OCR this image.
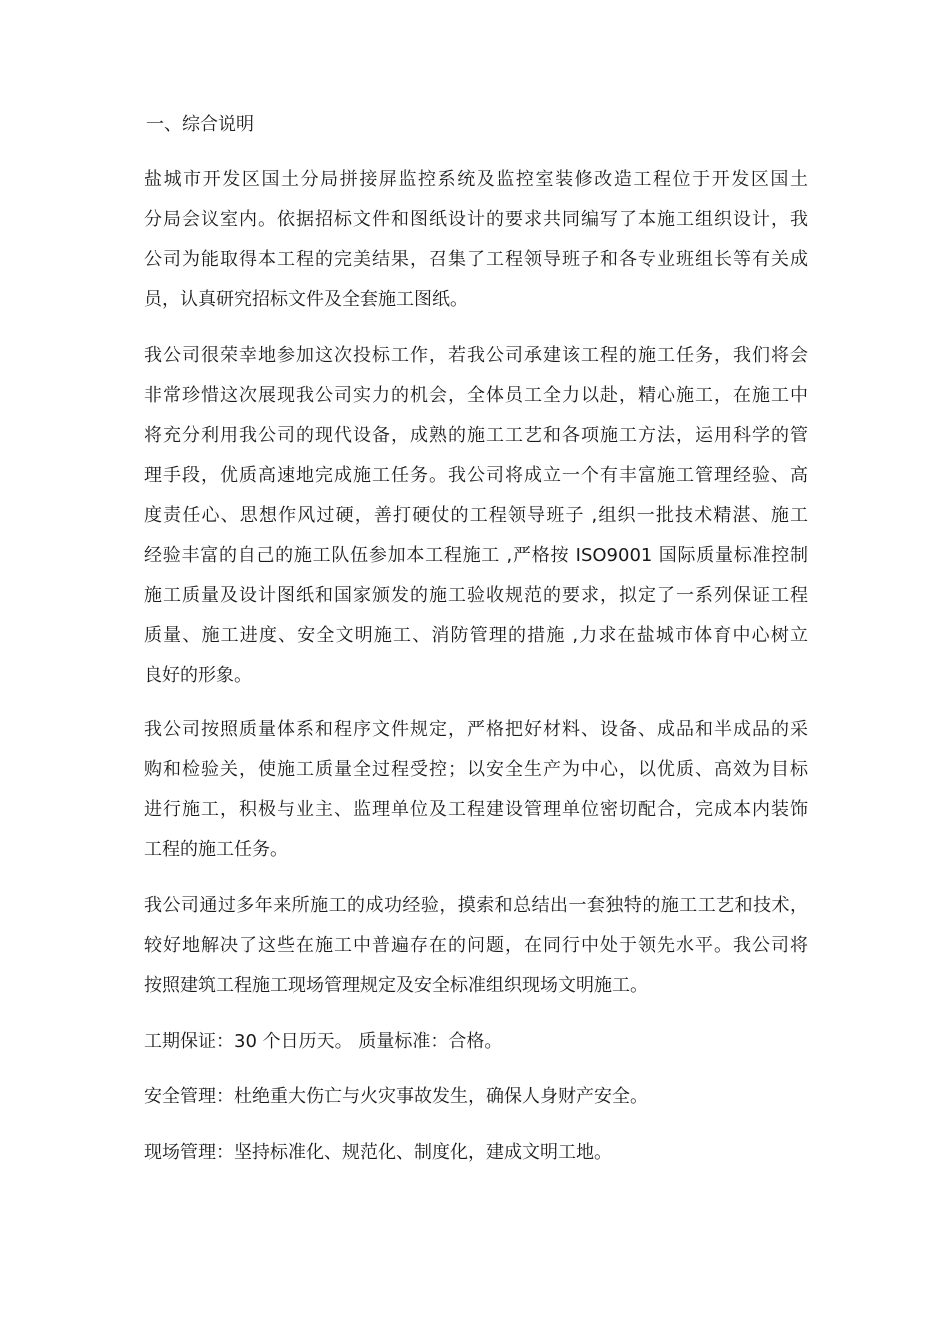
一、综合说明
盐城市开发区国土分局拼接屏监控系统及监控室装修改造工程位于开发区国土
分局会议室内。依据招标文件和图纸设计的要求共同编写了本施工组织设计，我
公司为能取得本工程的完美结果，召集了工程领导班子和各专业班组长等有关成
员，认真研究招标文件及全套施工图纸。
我公司很荣幸地参加这次投标工作，若我公司承建该工程的施工任务，我们将会
非常珍惜这次展现我公司实力的机会，全体员工全力以赴，精心施工，在施工中
将充分利用我公司的现代设备，成熟的施工工艺和各项施工方法，运用科学的管
理手段，优质高速地完成施工任务。我公司将成立一个有丰富施工管理经验、高
度责任心、思想作风过硬，善打硬仗的工程领导班子 ,组织一批技术精湛、施工
经验丰富的自己的施工队伍参加本工程施工 ,严格按 ISO9001 国际质量标准控制
施工质量及设计图纸和国家颁发的施工验收规范的要求，拟定了一系列保证工程
质量、施工进度、安全文明施工、消防管理的措施 ,力求在盐城市体育中心树立
良好的形象。
我公司按照质量体系和程序文件规定，严格把好材料、设备、成品和半成品的采
购和检验关，使施工质量全过程受控；以安全生产为中心，以优质、高效为目标
进行施工，积极与业主、监理单位及工程建设管理单位密切配合，完成本内装饰
工程的施工任务。
我公司通过多年来所施工的成功经验，摸索和总结出一套独特的施工工艺和技术，
较好地解决了这些在施工中普遍存在的问题，在同行中处于领先水平。我公司将
按照建筑工程施工现场管理规定及安全标准组织现场文明施工。
工期保证：30 个日历天。 质量标准：合格。
安全管理：杜绝重大伤亡与火灾事故发生，确保人身财产安全。
现场管理：坚持标准化、规范化、制度化，建成文明工地。
